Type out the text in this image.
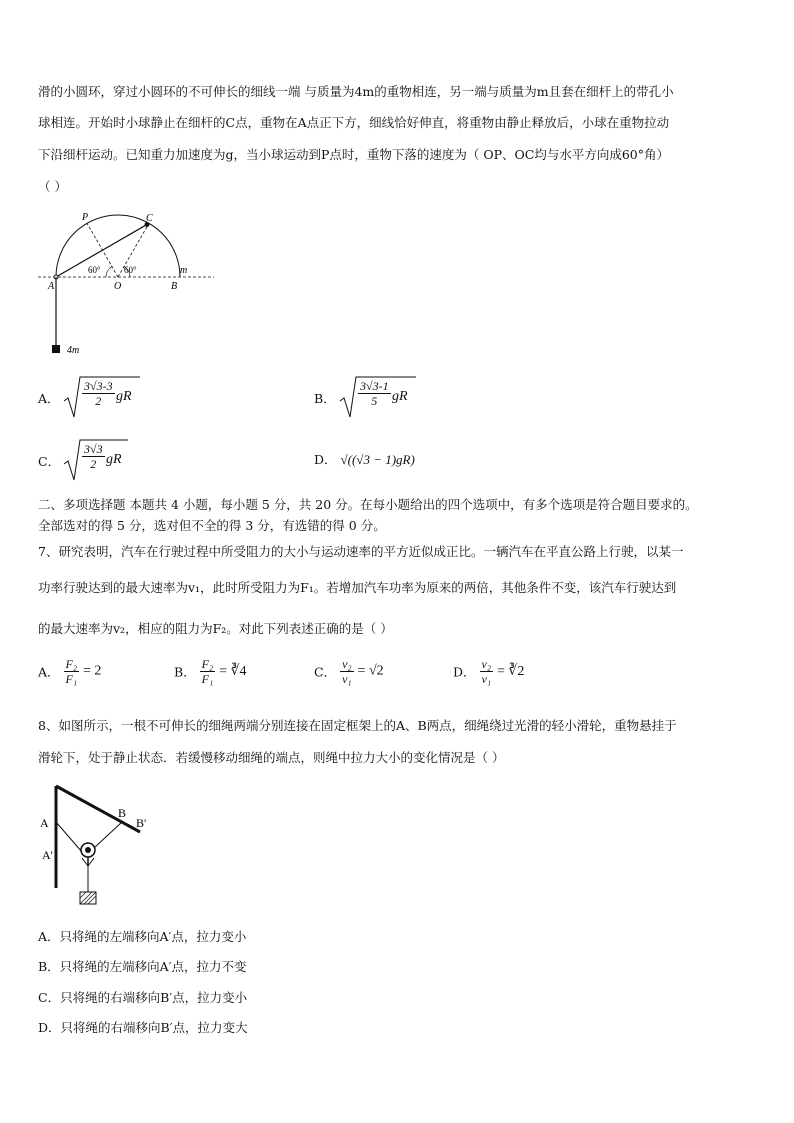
滑的小圆环，穿过小圆环的不可伸长的细线一端 与质量为4m的重物相连，另一端与质量为m且套在细杆上的带孔小
球相连。开始时小球静止在细杆的C点，重物在A点正下方，细线恰好伸直，将重物由静止释放后，小球在重物拉动
下沿细杆运动。已知重力加速度为g，当小球运动到P点时，重物下落的速度为（ OP、OC均与水平方向成60°角）
（ ）
P	C
A	O	B
m
60°	60°
4m
A． $\frac{3√3-3}{2}$ gR	B． $\frac{3√3-1}{5}$ gR
C． $\frac{3√3}{2}$ gR	D． √((√3 − 1)gR)
二、多项选择题 本题共 4 小题，每小题 5 分，共 20 分。在每小题给出的四个选项中，有多个选项是符合题目要求的。
全部选对的得 5 分，选对但不全的得 3 分，有选错的得 0 分。
7、研究表明，汽车在行驶过程中所受阻力的大小与运动速率的平方近似成正比。一辆汽车在平直公路上行驶，以某一
功率行驶达到的最大速率为v₁，此时所受阻力为F₁。若增加汽车功率为原来的两倍，其他条件不变，该汽车行驶达到
的最大速率为v₂，相应的阻力为F₂。对此下列表述正确的是（ ）
A． $\frac{\text{F₂}}{\text{F₁}} = 2$	B． $\frac{\text{F₂}}{\text{F₁}}$ = ∛4	C． $\frac{\text{v₂}}{\text{v₁}} = √2$	D． $\frac{\text{v₂}}{\text{v₁}}$ = ∛2
8、如图所示，一根不可伸长的细绳两端分别连接在固定框架上的A、B两点，细绳绕过光滑的轻小滑轮，重物悬挂于
滑轮下，处于静止状态．若缓慢移动细绳的端点，则绳中拉力大小的变化情况是（ ）
A
A'
B
B'
A．只将绳的左端移向A′点，拉力变小
B．只将绳的左端移向A′点，拉力不变
C．只将绳的右端移向B′点，拉力变小
D．只将绳的右端移向B′点，拉力变大
